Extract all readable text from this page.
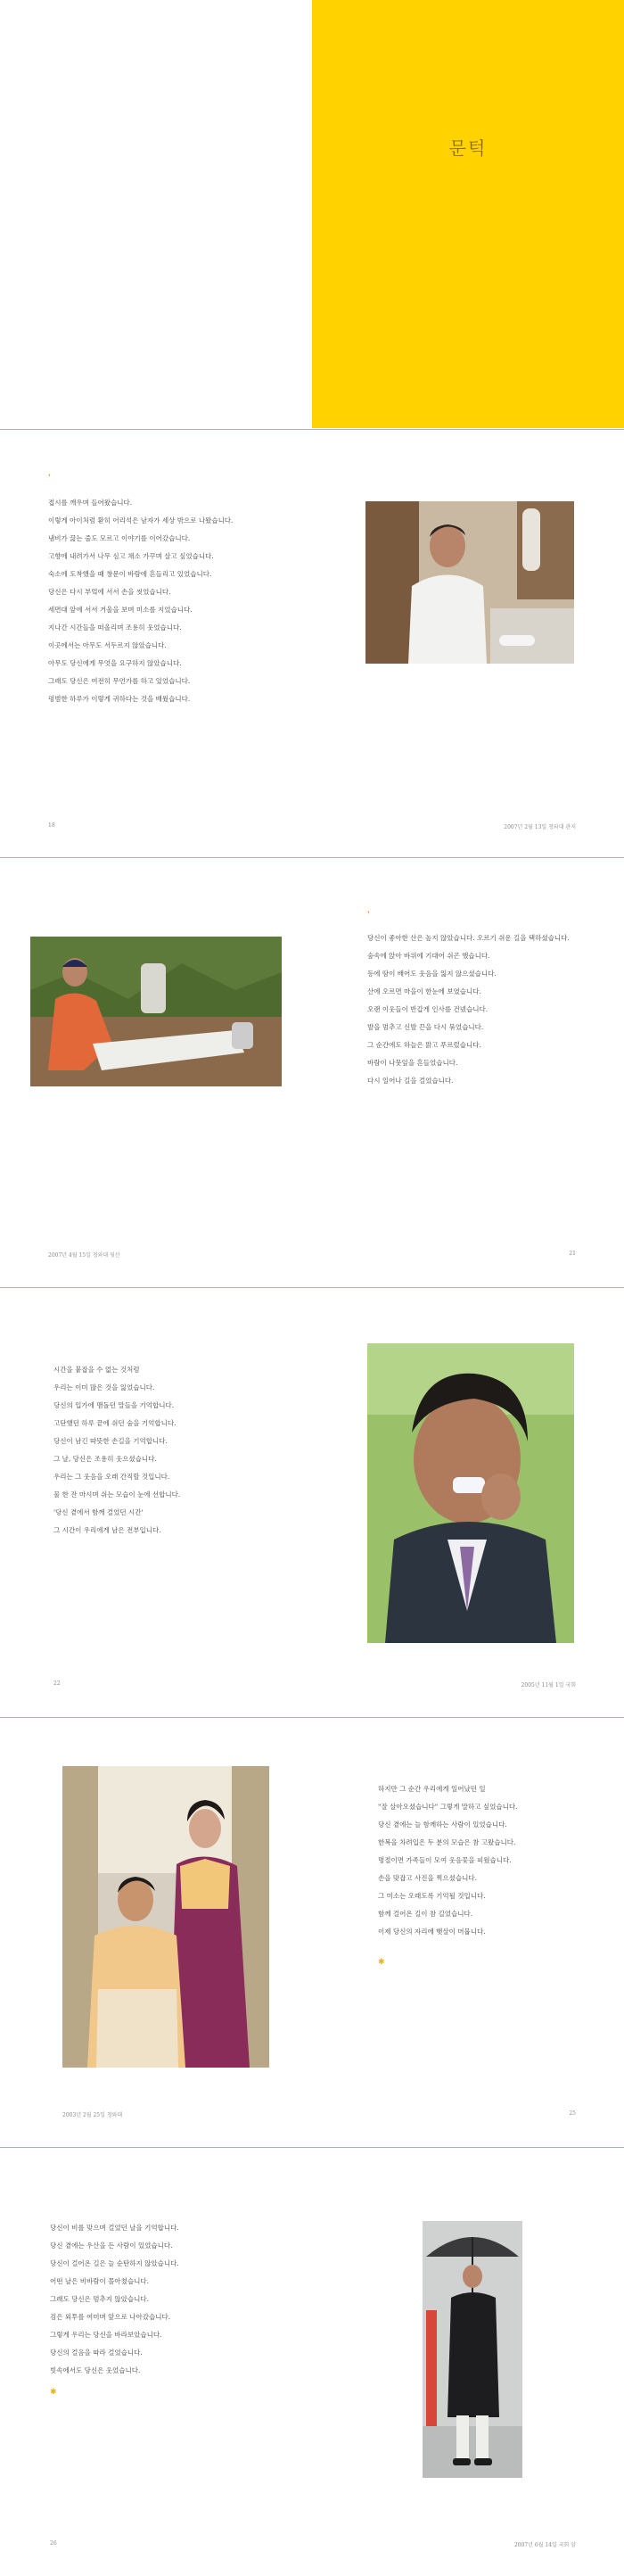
문턱
❜

접시를 깨우며 들어왔습니다.

이렇게 아이처럼 환히 어리석은 남자가 세상 밖으로 나왔습니다.

냄비가 끓는 줄도 모르고 이야기를 이어갔습니다.

고향에 내려가서 나무 심고 채소 가꾸며 살고 싶었습니다.

숙소에 도착했을 때 창문이 바람에 흔들리고 있었습니다.

당신은 다시 부엌에 서서 손을 씻었습니다.

세면대 앞에 서서 거울을 보며 미소를 지었습니다.

지나간 시간들을 떠올리며 조용히 웃었습니다.

이곳에서는 아무도 서두르지 않았습니다.

아무도 당신에게 무엇을 요구하지 않았습니다.

그래도 당신은 여전히 무언가를 하고 있었습니다.

평범한 하루가 이렇게 귀하다는 것을 배웠습니다.

18	2007년 2월 13일 청와대 관저
❜

당신이 좋아한 산은 높지 않았습니다. 오르기 쉬운 길을 택하셨습니다.

숲속에 앉아 바위에 기대어 쉬곤 했습니다.

등에 땀이 배어도 웃음을 잃지 않으셨습니다.

산에 오르면 마을이 한눈에 보였습니다.

오랜 이웃들이 반갑게 인사를 건넸습니다.

발을 멈추고 신발 끈을 다시 묶었습니다.

그 순간에도 하늘은 맑고 푸르렀습니다.

바람이 나뭇잎을 흔들었습니다.

다시 일어나 길을 걸었습니다.

2007년 4월 15일 청와대 뒷산	21

시간을 붙잡을 수 없는 것처럼

우리는 이미 많은 것을 잃었습니다.

당신의 입가에 맴돌던 말들을 기억합니다.

고단했던 하루 끝에 쉬던 숨을 기억합니다.

당신이 남긴 따뜻한 손길을 기억합니다.

그 날, 당신은 조용히 웃으셨습니다.

우리는 그 웃음을 오래 간직할 것입니다.

물 한 잔 마시며 쉬는 모습이 눈에 선합니다.

'당신 곁에서 함께 걸었던 시간'

그 시간이 우리에게 남은 전부입니다.

22	2005년 11월 1일 국회

하지만 그 순간 우리에게 일어났던 일

"잘 살아오셨습니다" 그렇게 말하고 싶었습니다.

당신 곁에는 늘 함께하는 사람이 있었습니다.

한복을 차려입은 두 분의 모습은 참 고왔습니다.

명절이면 가족들이 모여 웃음꽃을 피웠습니다.

손을 맞잡고 사진을 찍으셨습니다.

그 미소는 오래도록 기억될 것입니다.

함께 걸어온 길이 참 길었습니다.

이제 당신의 자리에 햇살이 머뭅니다.

✱
2003년 2월 25일 청와대	25

당신이 비를 맞으며 걸었던 날을 기억합니다.

당신 곁에는 우산을 든 사람이 있었습니다.

당신이 걸어온 길은 늘 순탄하지 않았습니다.

어떤 날은 비바람이 몰아쳤습니다.

그래도 당신은 멈추지 않았습니다.

검은 외투를 여미며 앞으로 나아갔습니다.

그렇게 우리는 당신을 바라보았습니다.

당신의 걸음을 따라 걸었습니다.

빗속에서도 당신은 웃었습니다.

✱
26	2007년 6월 14일 국회 앞
